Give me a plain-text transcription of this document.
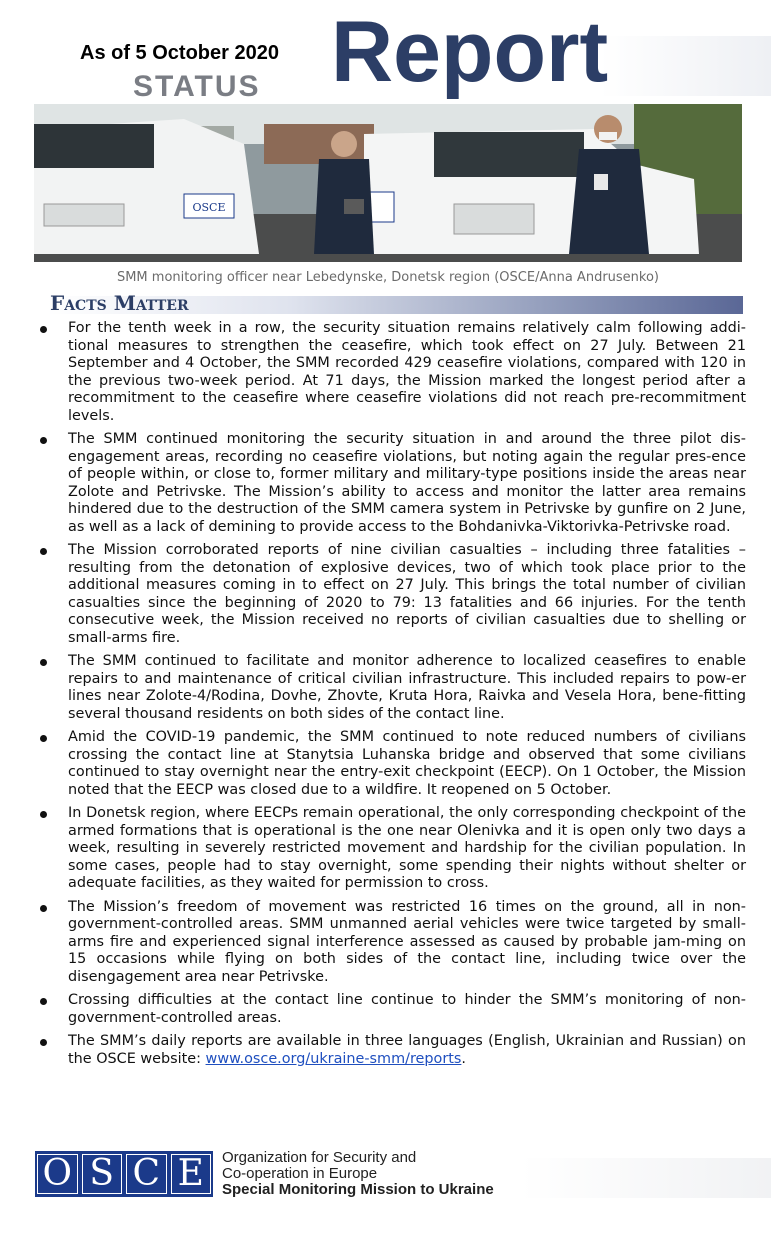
As of 5 October 2020
STATUS Report
OSCE
SMM monitoring officer near Lebedynske, Donetsk region (OSCE/Anna Andrusenko)
Facts Matter
For the tenth week in a row, the security situation remains relatively calm following addi-tional measures to strengthen the ceasefire, which took effect on 27 July. Between 21 September and 4 October, the SMM recorded 429 ceasefire violations, compared with 120 in the previous two-week period. At 71 days, the Mission marked the longest period after a recommitment to the ceasefire where ceasefire violations did not reach pre-recommitment levels.
The SMM continued monitoring the security situation in and around the three pilot dis-engagement areas, recording no ceasefire violations, but noting again the regular pres-ence of people within, or close to, former military and military-type positions inside the areas near Zolote and Petrivske. The Mission’s ability to access and monitor the latter area remains hindered due to the destruction of the SMM camera system in Petrivske by gunfire on 2 June, as well as a lack of demining to provide access to the Bohdanivka-Viktorivka-Petrivske road.
The Mission corroborated reports of nine civilian casualties – including three fatalities – resulting from the detonation of explosive devices, two of which took place prior to the additional measures coming in to effect on 27 July. This brings the total number of civilian casualties since the beginning of 2020 to 79: 13 fatalities and 66 injuries. For the tenth consecutive week, the Mission received no reports of civilian casualties due to shelling or small-arms fire.
The SMM continued to facilitate and monitor adherence to localized ceasefires to enable repairs to and maintenance of critical civilian infrastructure. This included repairs to pow-er lines near Zolote-4/Rodina, Dovhe, Zhovte, Kruta Hora, Raivka and Vesela Hora, bene-fitting several thousand residents on both sides of the contact line.
Amid the COVID-19 pandemic, the SMM continued to note reduced numbers of civilians crossing the contact line at Stanytsia Luhanska bridge and observed that some civilians continued to stay overnight near the entry-exit checkpoint (EECP). On 1 October, the Mission noted that the EECP was closed due to a wildfire. It reopened on 5 October.
In Donetsk region, where EECPs remain operational, the only corresponding checkpoint of the armed formations that is operational is the one near Olenivka and it is open only two days a week, resulting in severely restricted movement and hardship for the civilian population. In some cases, people had to stay overnight, some spending their nights without shelter or adequate facilities, as they waited for permission to cross.
The Mission’s freedom of movement was restricted 16 times on the ground, all in non-government-controlled areas. SMM unmanned aerial vehicles were twice targeted by small-arms fire and experienced signal interference assessed as caused by probable jam-ming on 15 occasions while flying on both sides of the contact line, including twice over the disengagement area near Petrivske.
Crossing difficulties at the contact line continue to hinder the SMM’s monitoring of non-government-controlled areas.
The SMM’s daily reports are available in three languages (English, Ukrainian and Russian) on the OSCE website: www.osce.org/ukraine-smm/reports.
O S C E	Organization for Security and
Co-operation in Europe
Special Monitoring Mission to Ukraine
